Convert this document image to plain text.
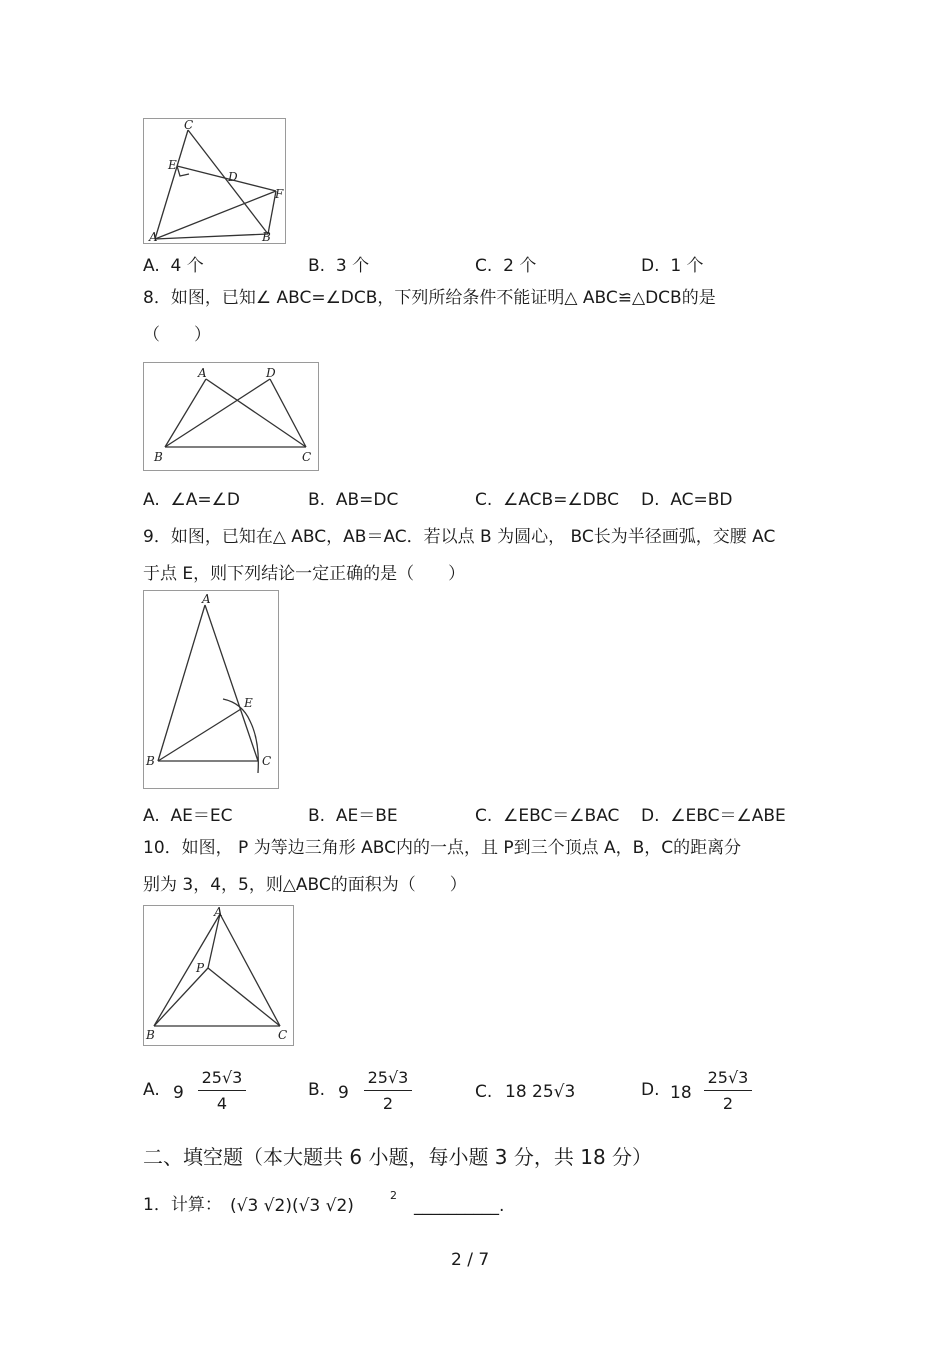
C
E
D
F
A	B
A. 4 个	B. 3 个	C. 2 个	D. 1 个
8．如图，已知∠ ABC=∠DCB，下列所给条件不能证明△ ABC≌△DCB的是
（　　）
A	D
B	C
A. ∠A=∠D	B. AB=DC	C. ∠ACB=∠DBC D. AC=BD
9．如图，已知在△ ABC，AB＝AC．若以点 B 为圆心， BC长为半径画弧，交腰 AC
于点 E，则下列结论一定正确的是（　　）
A
E
B	C
A. AE＝EC	B. AE＝BE	C. ∠EBC＝∠BAC D. ∠EBC＝∠ABE
10．如图， P 为等边三角形 ABC内的一点，且 P到三个顶点 A，B，C的距离分
别为 3，4，5，则△ABC的面积为（　　）
A
P
B	C
A. 9
25√3
4
B. 9
25√3
2
C. 18 25√3	D. 18
25√3
2
二、填空题（本大题共 6 小题，每小题 3 分，共 18 分）
1．计算： (√3 √2)(√3 √2)
2
__________.
2 / 7
